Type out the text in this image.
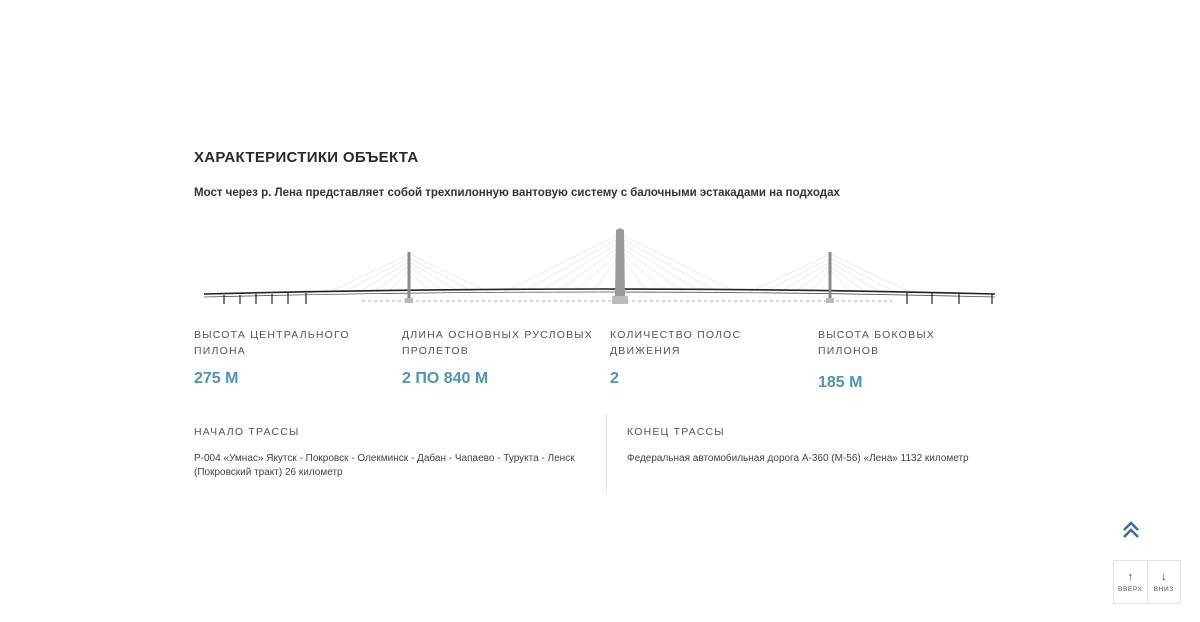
ХАРАКТЕРИСТИКИ ОБЪЕКТА
Мост через р. Лена представляет собой трехпилонную вантовую систему с балочными эстакадами на подходах
ВЫСОТА ЦЕНТРАЛЬНОГО ПИЛОНА
275 М
ДЛИНА ОСНОВНЫХ РУСЛОВЫХ ПРОЛЕТОВ
2 ПО 840 М
КОЛИЧЕСТВО ПОЛОС ДВИЖЕНИЯ
2
ВЫСОТА БОКОВЫХ ПИЛОНОВ
185 М
НАЧАЛО ТРАССЫ
Р-004 «Умнас» Якутск - Покровск - Олекминск - Дабан - Чапаево - Турукта - Ленск (Покровский тракт) 26 километр
КОНЕЦ ТРАССЫ
Федеральная автомобильная дорога А-360 (М-56) «Лена» 1132 километр
↑
ВВЕРХ
↓
ВНИЗ
